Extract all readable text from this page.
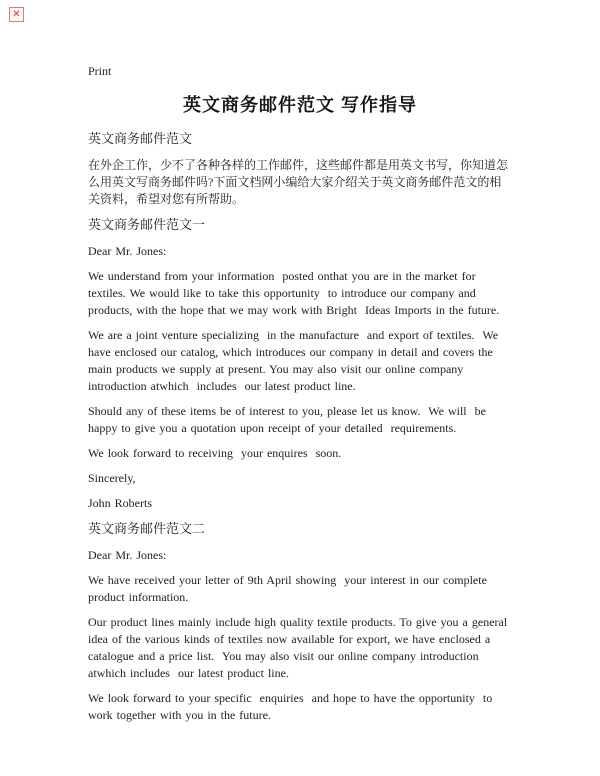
✕
Print
英文商务邮件范文 写作指导
英文商务邮件范文
在外企工作，少不了各种各样的工作邮件，这些邮件都是用英文书写，你知道怎么用英文写商务邮件吗?下面文档网小编给大家介绍关于英文商务邮件范文的相关资料，希望对您有所帮助。
英文商务邮件范文一
Dear Mr. Jones:
We understand from your information  posted onthat you are in the market for textiles. We would like to take this opportunity  to introduce our company and products, with the hope that we may work with Bright  Ideas Imports in the future.
We are a joint venture specializing  in the manufacture  and export of textiles.  We have enclosed our catalog, which introduces our company in detail and covers the main products we supply at present. You may also visit our online company introduction atwhich  includes  our latest product line.
Should any of these items be of interest to you, please let us know.  We will  be happy to give you a quotation upon receipt of your detailed  requirements.
We look forward to receiving  your enquires  soon.
Sincerely,
John Roberts
英文商务邮件范文二
Dear Mr. Jones:
We have received your letter of 9th April showing  your interest in our complete product information.
Our product lines mainly include high quality textile products. To give you a general idea of the various kinds of textiles now available for export, we have enclosed a catalogue and a price list.  You may also visit our online company introduction  atwhich includes  our latest product line.
We look forward to your specific  enquiries  and hope to have the opportunity  to work together with you in the future.
